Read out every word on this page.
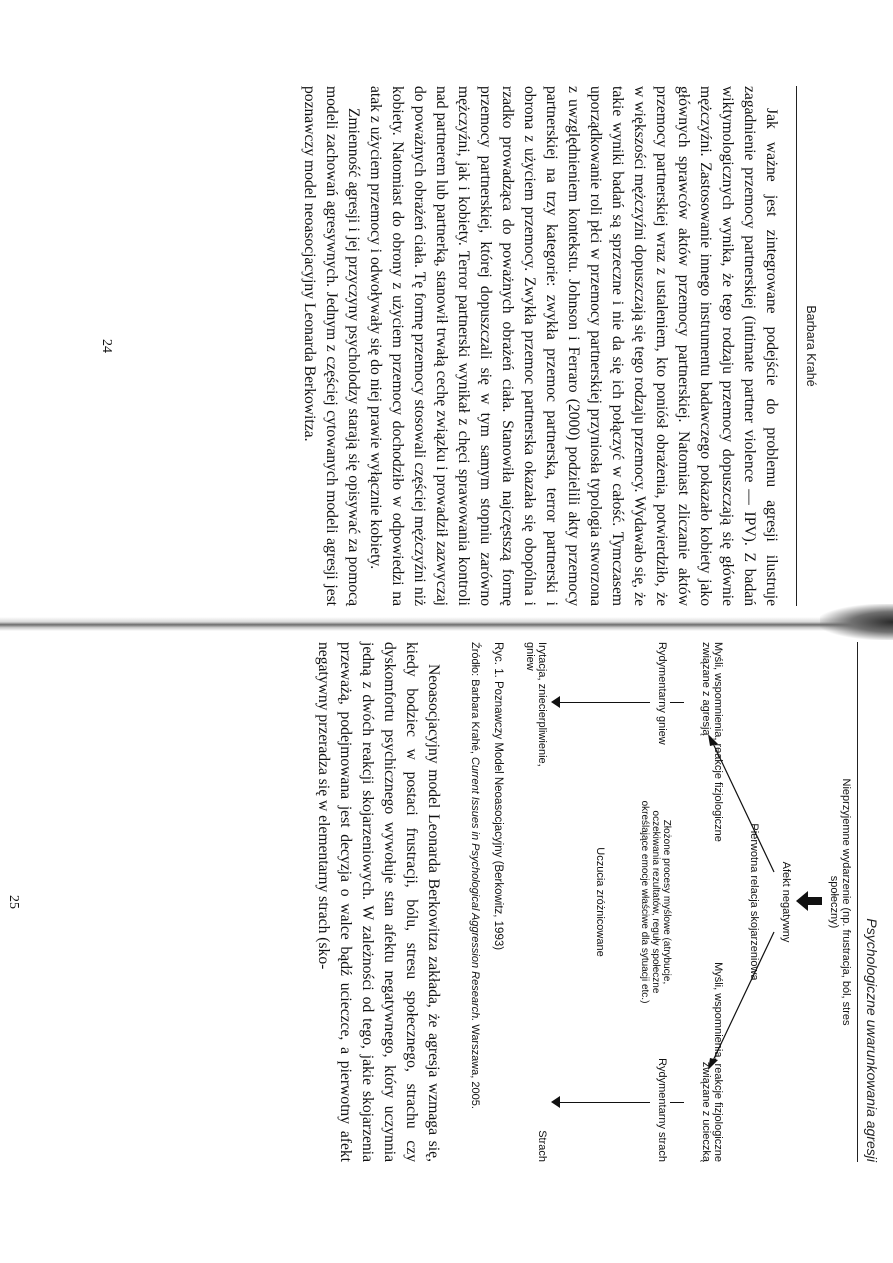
Barbara Krahé

Jak ważne jest zintegrowane podejście do problemu agresji ilustruje zagadnienie przemocy partnerskiej (intimate partner violence — IPV). Z badań wiktymologicznych wynika, że tego rodzaju przemocy dopuszczają się głównie mężczyźni. Zastosowanie innego instrumentu badawczego pokazało kobiety jako głównych sprawców aktów przemocy partnerskiej. Natomiast zliczanie aktów przemocy partnerskiej wraz z ustaleniem, kto poniósł obrażenia, potwierdziło, że w większości mężczyźni dopuszczają się tego rodzaju przemocy. Wydawało się, że takie wyniki badań są sprzeczne i nie da się ich połączyć w całość. Tymczasem uporządkowanie roli płci w przemocy partnerskiej przyniosła typologia stworzona z uwzględnieniem kontekstu. Johnson i Ferraro (2000) podzielili akty przemocy partnerskiej na trzy kategorie: zwykła przemoc partnerska, terror partnerski i obrona z użyciem przemocy. Zwykła przemoc partnerska okazała się obopólna i rzadko prowadząca do poważnych obrażeń ciała. Stanowiła najczęstszą formę przemocy partnerskiej, której dopuszczali się w tym samym stopniu zarówno mężczyźni, jak i kobiety. Terror partnerski wynikał z chęci sprawowania kontroli nad partnerem lub partnerką, stanowił trwałą cechę związku i prowadził zazwyczaj do poważnych obrażeń ciała. Tę formę przemocy stosowali częściej mężczyźni niż kobiety. Natomiast do obrony z użyciem przemocy dochodziło w odpowiedzi na atak z użyciem przemocy i odwoływały się do niej prawie wyłącznie kobiety.

Zmienność agresji i jej przyczyny psycholodzy starają się opisywać za pomocą modeli zachowań agresywnych. Jednym z częściej cytowanych modeli agresji jest poznawczy model neoasocjacyjny Leonarda Berkowitza.

24
Psychologiczne uwarunkowania agresji
Nieprzyjemne wydarzenie (np. frustracja, ból, stres społeczny)
Afekt negatywny
Pierwotna relacja skojarzeniowa
Myśli, wspomnienia, reakcje fizjologiczne związane z agresją
Myśli, wspomnienia, reakcje fizjologiczne związane z ucieczką
Rydymentarny gniew
Rydymentarny strach
Złożone procesy myślowe (atrybucje, oczekiwania rezultatów, reguły społeczne określające emocje właściwe dla sytuacji etc.)
Uczucia zróżnicowane
Irytacja, zniecierpliwienie, gniew
Strach
Ryc. 1. Poznawczy Model Neoasocjacyjny (Berkowitz, 1993)
Źródło: Barbara Krahé, Current Issues in Psychological Aggression Research. Warszawa, 2005.

Neoasocjacyjny model Leonarda Berkowitza zakłada, że agresja wzmaga się, kiedy bodziec w postaci frustracji, bólu, stresu społecznego, strachu czy dyskomfortu psychicznego wywołuje stan afektu negatywnego, który uczynnia jedną z dwóch reakcji skojarzeniowych. W zależności od tego, jakie skojarzenia przeważą, podejmowana jest decyzja o walce bądź ucieczce, a pierwotny afekt negatywny przeradza się w elementarny strach (sko-

25
